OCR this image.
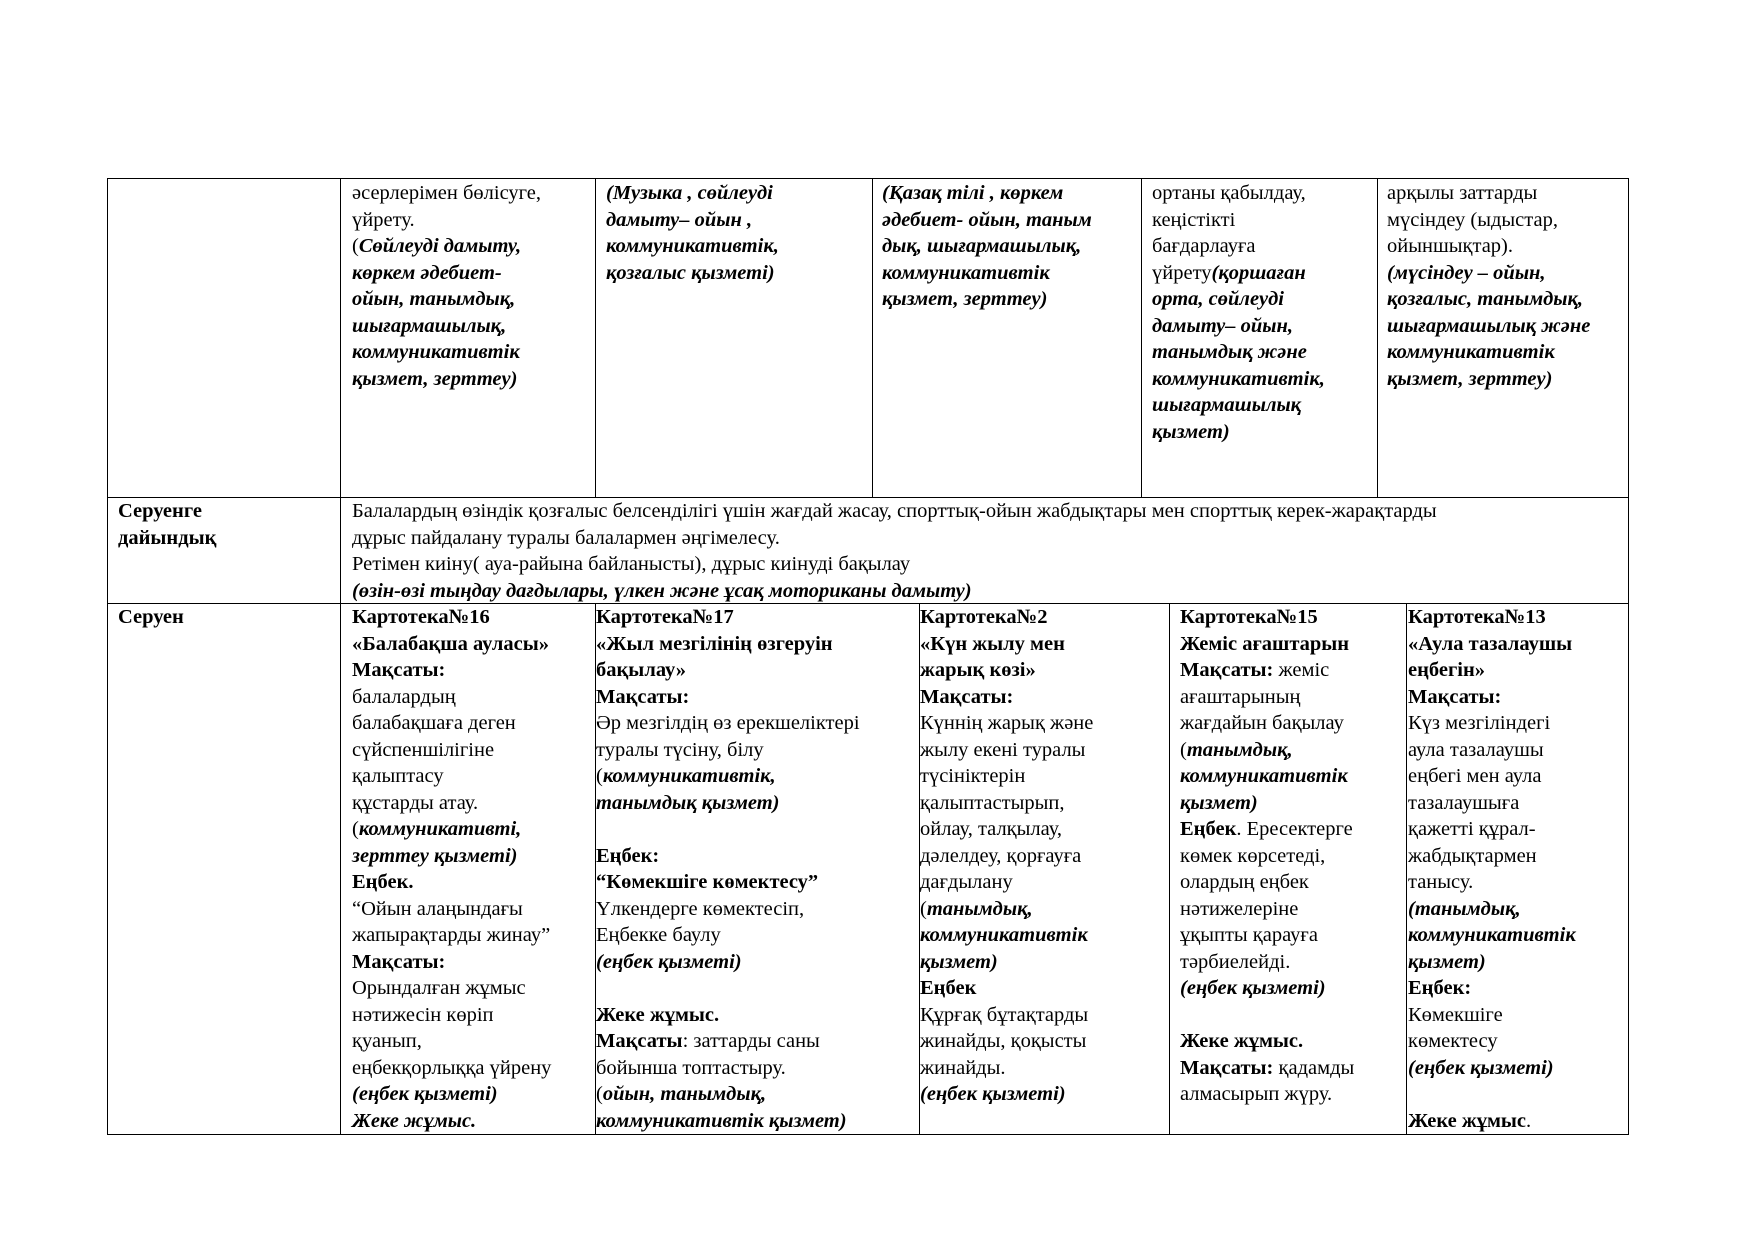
әсерлерімен бөлісуге,
үйрету.
(Сөйлеуді дамыту,
көркем әдебиет-
ойын, танымдық,
шығармашылық,
коммуникативтік
қызмет, зерттеу)
(Музыка , сөйлеуді
дамыту– ойын ,
коммуникативтік,
қозғалыс қызметі)
(Қазақ тілі , көркем
әдебиет- ойын, таным
дық, шығармашылық,
коммуникативтік
қызмет, зерттеу)
ортаны қабылдау,
кеңістікті
бағдарлауға
үйрету(қоршаған
орта, сөйлеуді
дамыту– ойын,
танымдық және
коммуникативтік,
шығармашылық
қызмет)
арқылы заттарды
мүсіндеу (ыдыстар,
ойыншықтар).
(мүсіндеу – ойын,
қозғалыс, танымдық,
шығармашылық және
коммуникативтік
қызмет, зерттеу)
Серуенге
дайындық
Балалардың өзіндік қозғалыс белсенділігі үшін жағдай жасау, спорттық-ойын жабдықтары мен спорттық керек-жарақтарды
дұрыс пайдалану туралы балалармен әңгімелесу.
Ретімен киіну( ауа-райына байланысты), дұрыс киінуді бақылау
(өзін-өзі тыңдау дағдылары, үлкен және ұсақ моториканы дамыту)
Серуен	Картотека№16
«Балабақша ауласы»
Мақсаты:
балалардың
балабақшаға деген
сүйспеншілігіне
қалыптасу
құстарды атау.
(коммуникативті,
зерттеу қызметі)
Еңбек.
“Ойын алаңындағы
жапырақтарды жинау”
Мақсаты:
Орындалған жұмыс
нәтижесін көріп
қуанып,
еңбекқорлыққа үйрену
(еңбек қызметі)
Жеке жұмыс.
Картотека№17
«Жыл мезгілінің өзгеруін
бақылау»
Мақсаты:
Әр мезгілдің өз ерекшеліктері
туралы түсіну, білу
(коммуникативтік,
танымдық қызмет)
Еңбек:
“Көмекшіге көмектесу”
Үлкендерге көмектесіп,
Еңбекке баулу
(еңбек қызметі)
Жеке жұмыс.
Мақсаты: заттарды саны
бойынша топтастыру.
(ойын, танымдық,
коммуникативтік қызмет)
Картотека№2
«Күн жылу мен
жарық көзі»
Мақсаты:
Күннің жарық және
жылу екені туралы
түсініктерін
қалыптастырып,
ойлау, талқылау,
дәлелдеу, қорғауға
дағдылану
(танымдық,
коммуникативтік
қызмет)
Еңбек
Құрғақ бұтақтарды
жинайды, қоқысты
жинайды.
(еңбек қызметі)
Картотека№15
Жеміс ағаштарын
Мақсаты: жеміс
ағаштарының
жағдайын бақылау
(танымдық,
коммуникативтік
қызмет)
Еңбек. Ересектерге
көмек көрсетеді,
олардың еңбек
нәтижелеріне
ұқыпты қарауға
тәрбиелейді.
(еңбек қызметі)
Жеке жұмыс.
Мақсаты: қадамды
алмасырып жүру.
Картотека№13
«Аула тазалаушы
еңбегін»
Мақсаты:
Күз мезгіліндегі
аула тазалаушы
еңбегі мен аула
тазалаушыға
қажетті құрал-
жабдықтармен
танысу.
(танымдық,
коммуникативтік
қызмет)
Еңбек:
Көмекшіге
көмектесу
(еңбек қызметі)
Жеке жұмыс.
